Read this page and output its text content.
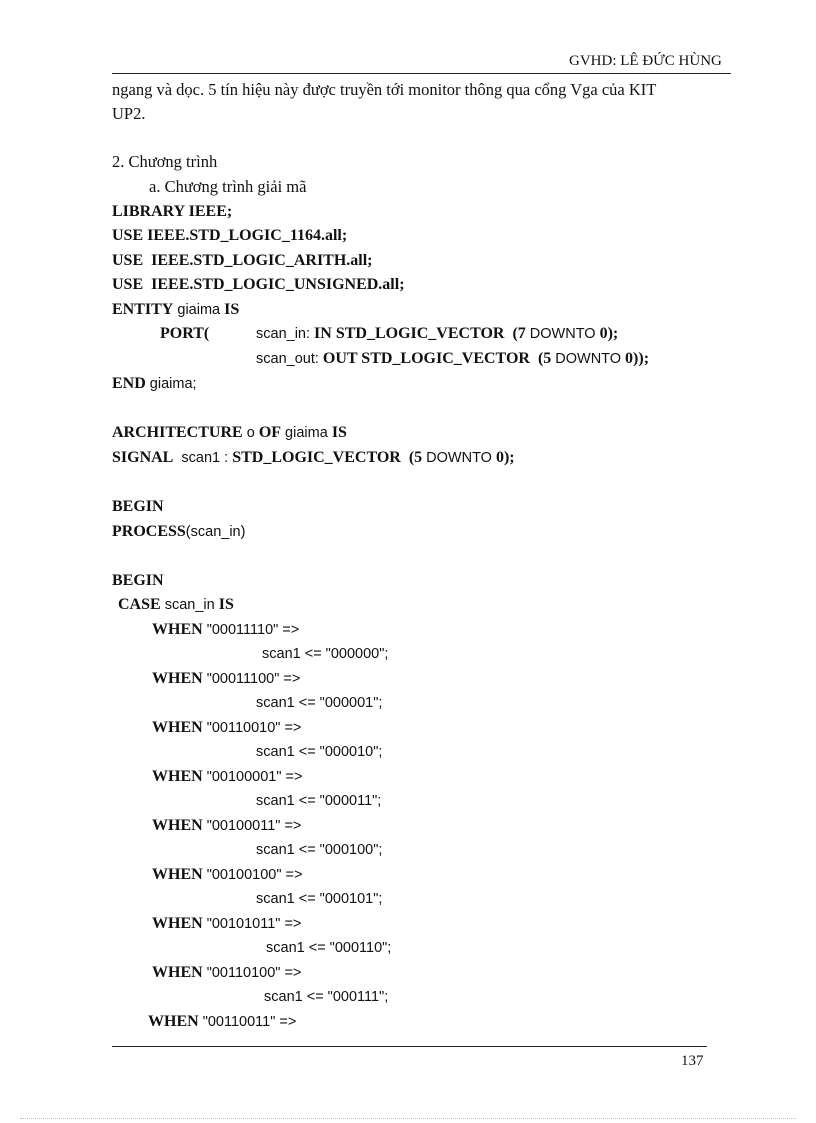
GVHD: LÊ ĐỨC HÙNG
ngang và dọc. 5 tín hiệu này được truyền tới monitor thông qua cổng Vga của KIT
UP2.
2. Chương trình
a. Chương trình giải mã
LIBRARY IEEE;
USE IEEE.STD_LOGIC_1164.all;
USE  IEEE.STD_LOGIC_ARITH.all;
USE  IEEE.STD_LOGIC_UNSIGNED.all;
ENTITY giaima IS
PORT(	scan_in: IN STD_LOGIC_VECTOR  (7 DOWNTO 0);
scan_out: OUT STD_LOGIC_VECTOR  (5 DOWNTO 0));
END giaima;
ARCHITECTURE o OF giaima IS
SIGNAL  scan1 : STD_LOGIC_VECTOR  (5 DOWNTO 0);
BEGIN
PROCESS(scan_in)
BEGIN
CASE scan_in IS
WHEN "00011110" =>
scan1 <= "000000";
WHEN "00011100" =>
scan1 <= "000001";
WHEN "00110010" =>
scan1 <= "000010";
WHEN "00100001" =>
scan1 <= "000011";
WHEN "00100011" =>
scan1 <= "000100";
WHEN "00100100" =>
scan1 <= "000101";
WHEN "00101011" =>
scan1 <= "000110";
WHEN "00110100" =>
scan1 <= "000111";
WHEN "00110011" =>
137
